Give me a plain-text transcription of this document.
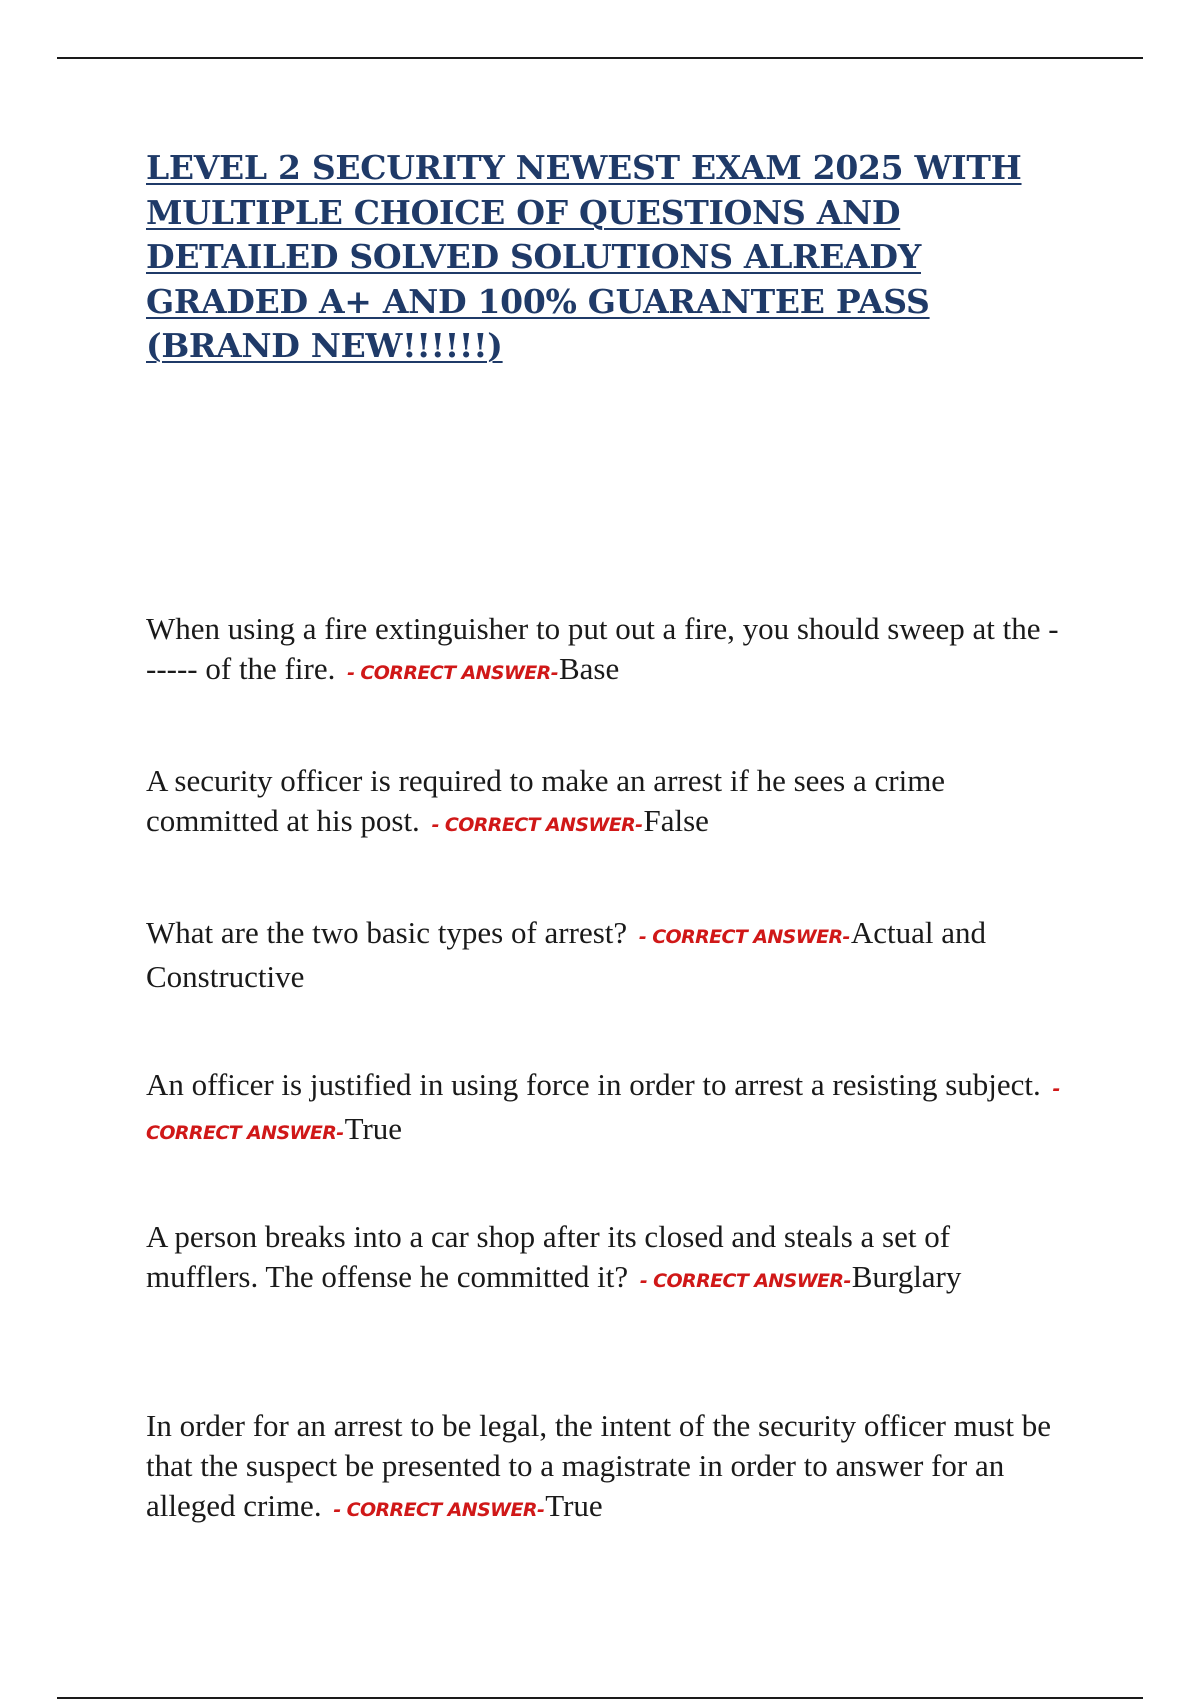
LEVEL 2 SECURITY NEWEST EXAM 2025 WITH MULTIPLE CHOICE OF QUESTIONS AND DETAILED SOLVED SOLUTIONS ALREADY GRADED A+ AND 100% GUARANTEE PASS (BRAND NEW!!!!!!)

When using a fire extinguisher to put out a fire, you should sweep at the ------ of the fire. - CORRECT ANSWER-Base

A security officer is required to make an arrest if he sees a crime committed at his post. - CORRECT ANSWER-False

What are the two basic types of arrest? - CORRECT ANSWER-Actual and Constructive

An officer is justified in using force in order to arrest a resisting subject. - CORRECT ANSWER-True

A person breaks into a car shop after its closed and steals a set of mufflers. The offense he committed it? - CORRECT ANSWER-Burglary

In order for an arrest to be legal, the intent of the security officer must be that the suspect be presented to a magistrate in order to answer for an alleged crime. - CORRECT ANSWER-True
